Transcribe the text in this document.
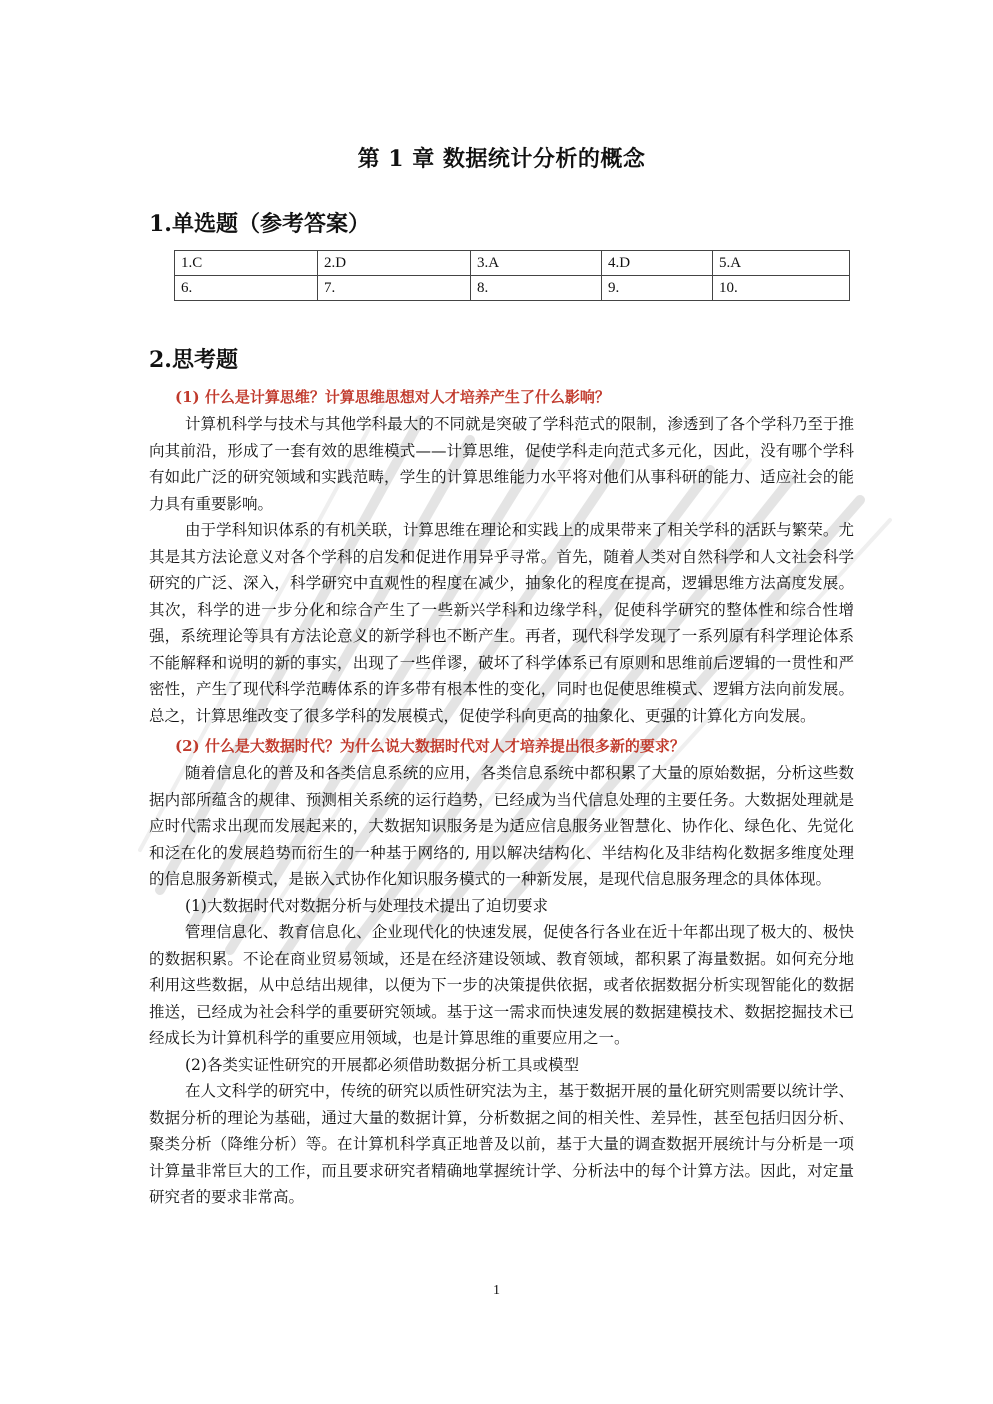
第 1 章 数据统计分析的概念
1.单选题（参考答案）
1.C	2.D	3.A	4.D	5.A
6.	7.	8.	9.	10.
2.思考题
(1) 什么是计算思维？计算思维思想对人才培养产生了什么影响？

计算机科学与技术与其他学科最大的不同就是突破了学科范式的限制，渗透到了各个学科乃至于推向其前沿，形成了一套有效的思维模式——计算思维，促使学科走向范式多元化，因此，没有哪个学科有如此广泛的研究领域和实践范畴，学生的计算思维能力水平将对他们从事科研的能力、适应社会的能力具有重要影响。

由于学科知识体系的有机关联，计算思维在理论和实践上的成果带来了相关学科的活跃与繁荣。尤其是其方法论意义对各个学科的启发和促进作用异乎寻常。首先，随着人类对自然科学和人文社会科学研究的广泛、深入，科学研究中直观性的程度在减少，抽象化的程度在提高，逻辑思维方法高度发展。其次，科学的进一步分化和综合产生了一些新兴学科和边缘学科，促使科学研究的整体性和综合性增强，系统理论等具有方法论意义的新学科也不断产生。再者，现代科学发现了一系列原有科学理论体系不能解释和说明的新的事实，出现了一些佯谬，破坏了科学体系已有原则和思维前后逻辑的一贯性和严密性，产生了现代科学范畴体系的许多带有根本性的变化，同时也促使思维模式、逻辑方法向前发展。总之，计算思维改变了很多学科的发展模式，促使学科向更高的抽象化、更强的计算化方向发展。

(2) 什么是大数据时代？为什么说大数据时代对人才培养提出很多新的要求？

随着信息化的普及和各类信息系统的应用，各类信息系统中都积累了大量的原始数据，分析这些数据内部所蕴含的规律、预测相关系统的运行趋势，已经成为当代信息处理的主要任务。大数据处理就是应时代需求出现而发展起来的，大数据知识服务是为适应信息服务业智慧化、协作化、绿色化、先觉化和泛在化的发展趋势而衍生的一种基于网络的, 用以解决结构化、半结构化及非结构化数据多维度处理的信息服务新模式，是嵌入式协作化知识服务模式的一种新发展，是现代信息服务理念的具体体现。

(1)大数据时代对数据分析与处理技术提出了迫切要求

管理信息化、教育信息化、企业现代化的快速发展，促使各行各业在近十年都出现了极大的、极快的数据积累。不论在商业贸易领域，还是在经济建设领域、教育领域，都积累了海量数据。如何充分地利用这些数据，从中总结出规律，以便为下一步的决策提供依据，或者依据数据分析实现智能化的数据推送，已经成为社会科学的重要研究领域。基于这一需求而快速发展的数据建模技术、数据挖掘技术已经成长为计算机科学的重要应用领域，也是计算思维的重要应用之一。

(2)各类实证性研究的开展都必须借助数据分析工具或模型

在人文科学的研究中，传统的研究以质性研究法为主，基于数据开展的量化研究则需要以统计学、数据分析的理论为基础，通过大量的数据计算，分析数据之间的相关性、差异性，甚至包括归因分析、聚类分析（降维分析）等。在计算机科学真正地普及以前，基于大量的调查数据开展统计与分析是一项计算量非常巨大的工作，而且要求研究者精确地掌握统计学、分析法中的每个计算方法。因此，对定量研究者的要求非常高。

1
